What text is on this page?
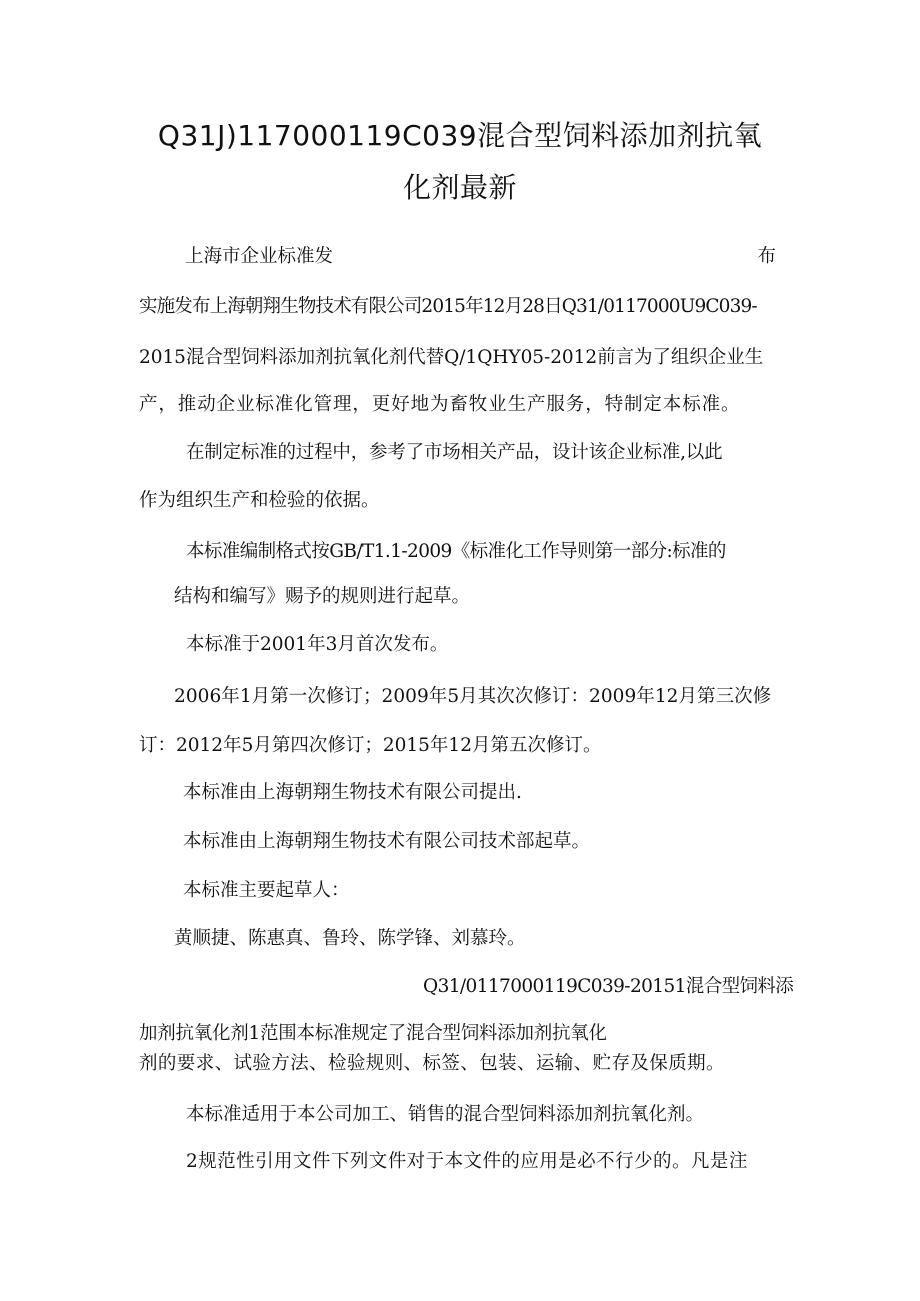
Q31J)117000119C039混合型饲料添加剂抗氧
化剂最新
上海市企业标准发	布

实施发布上海朝翔生物技术有限公司2015年12月28日Q31/0117000U9C039-

2015混合型饲料添加剂抗氧化剂代替Q/1QHY05-2012前言为了组织企业生

产，推动企业标准化管理，更好地为畜牧业生产服务，特制定本标准。

在制定标准的过程中，参考了市场相关产品，设计该企业标准,以此

作为组织生产和检验的依据。

本标准编制格式按GB/T1.1-2009《标准化工作导则第一部分:标准的

结构和编写》赐予的规则进行起草。

本标准于2001年3月首次发布。

2006年1月第一次修订；2009年5月其次次修订：2009年12月第三次修

订：2012年5月第四次修订；2015年12月第五次修订。

本标准由上海朝翔生物技术有限公司提出.

本标准由上海朝翔生物技术有限公司技术部起草。

本标准主要起草人：

黄顺捷、陈惠真、鲁玲、陈学锋、刘慕玲。

Q31/0117000119C039-20151混合型饲料添

加剂抗氧化剂1范围本标准规定了混合型饲料添加剂抗氧化

剂的要求、试验方法、检验规则、标签、包装、运输、贮存及保质期。

本标准适用于本公司加工、销售的混合型饲料添加剂抗氧化剂。

2规范性引用文件下列文件对于本文件的应用是必不行少的。凡是注
